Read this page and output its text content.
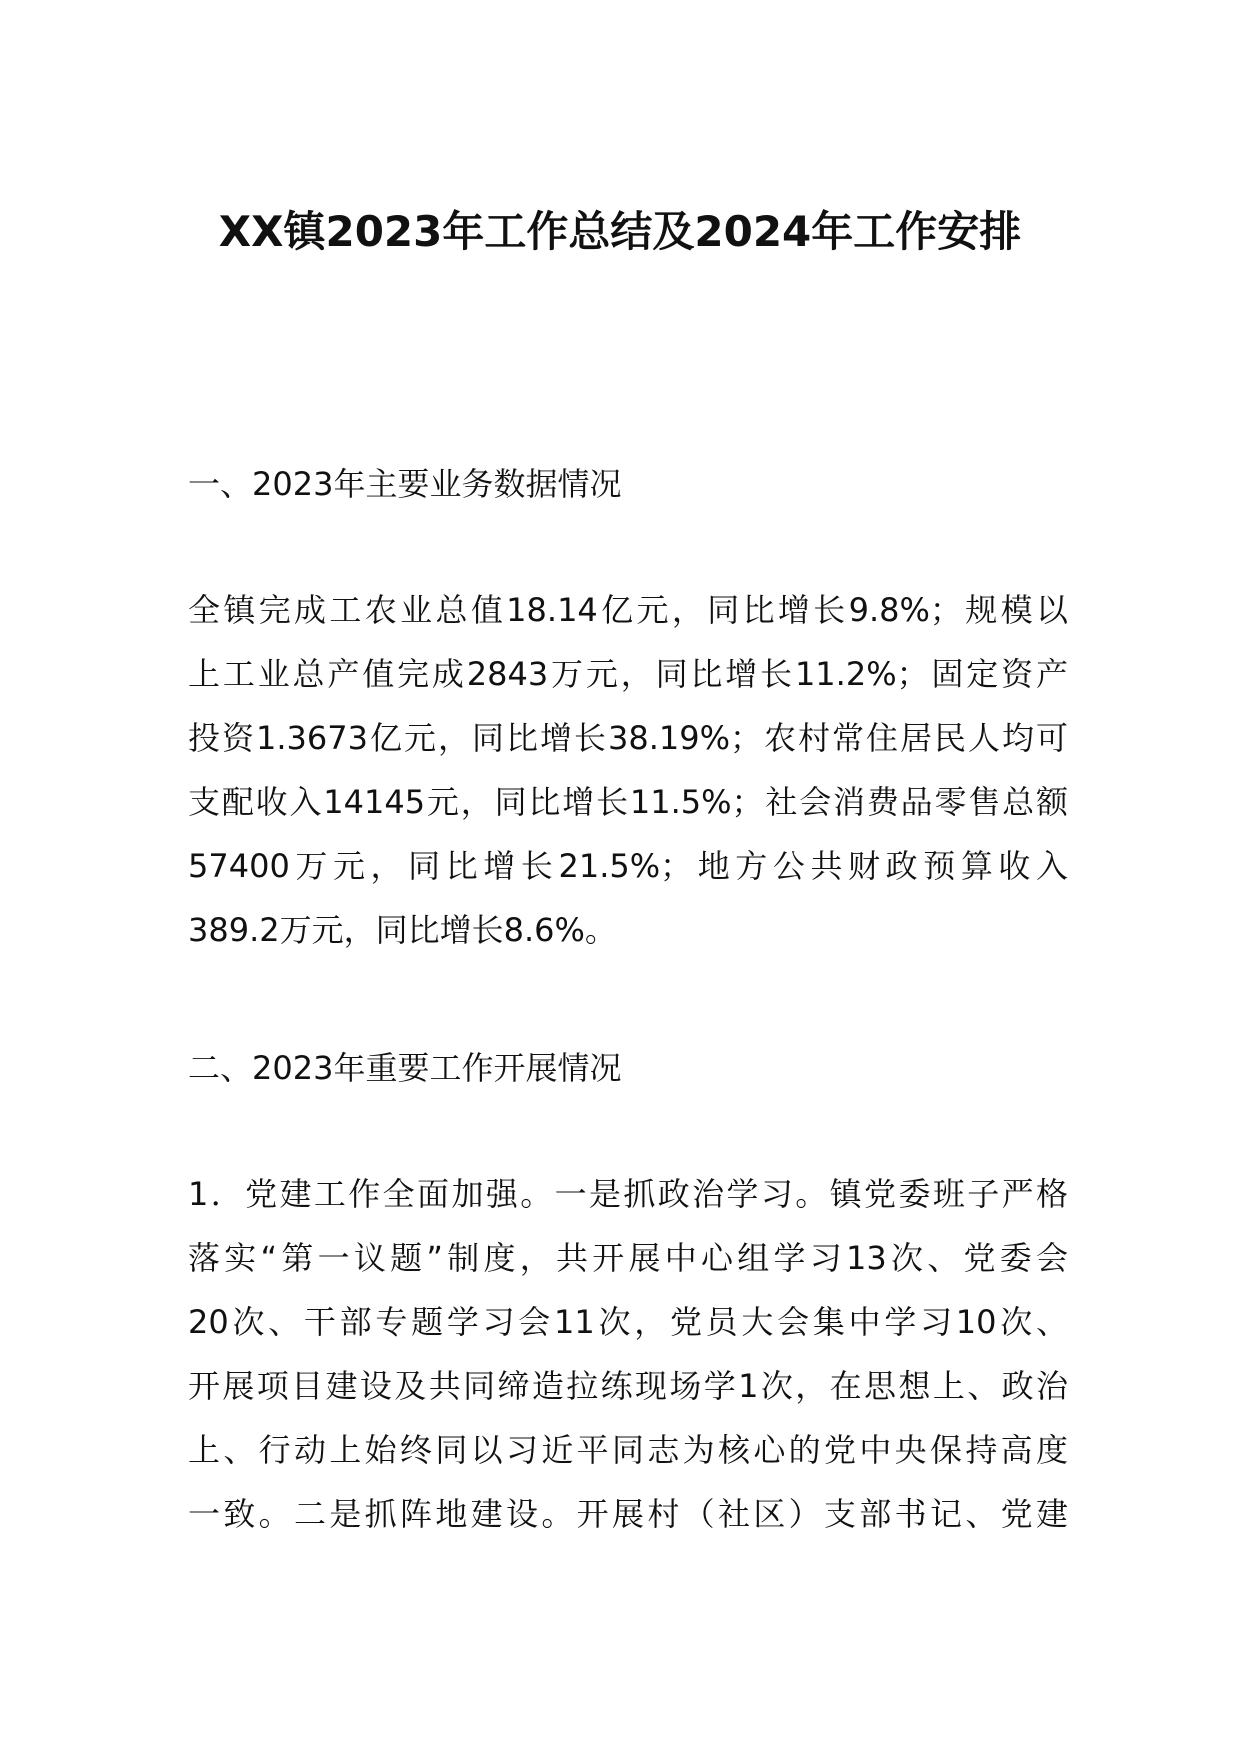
XX镇2023年工作总结及2024年工作安排
一、2023年主要业务数据情况
全镇完成工农业总值18.14亿元，同比增长9.8%；规模以
上工业总产值完成2843万元，同比增长11.2%；固定资产
投资1.3673亿元，同比增长38.19%；农村常住居民人均可
支配收入14145元，同比增长11.5%；社会消费品零售总额
57400万元，同比增长21.5%；地方公共财政预算收入
389.2万元，同比增长8.6%。
二、2023年重要工作开展情况
1．党建工作全面加强。一是抓政治学习。镇党委班子严格
落实“第一议题”制度，共开展中心组学习13次、党委会
20次、干部专题学习会11次，党员大会集中学习10次、
开展项目建设及共同缔造拉练现场学1次，在思想上、政治
上、行动上始终同以习近平同志为核心的党中央保持高度
一致。二是抓阵地建设。开展村（社区）支部书记、党建
